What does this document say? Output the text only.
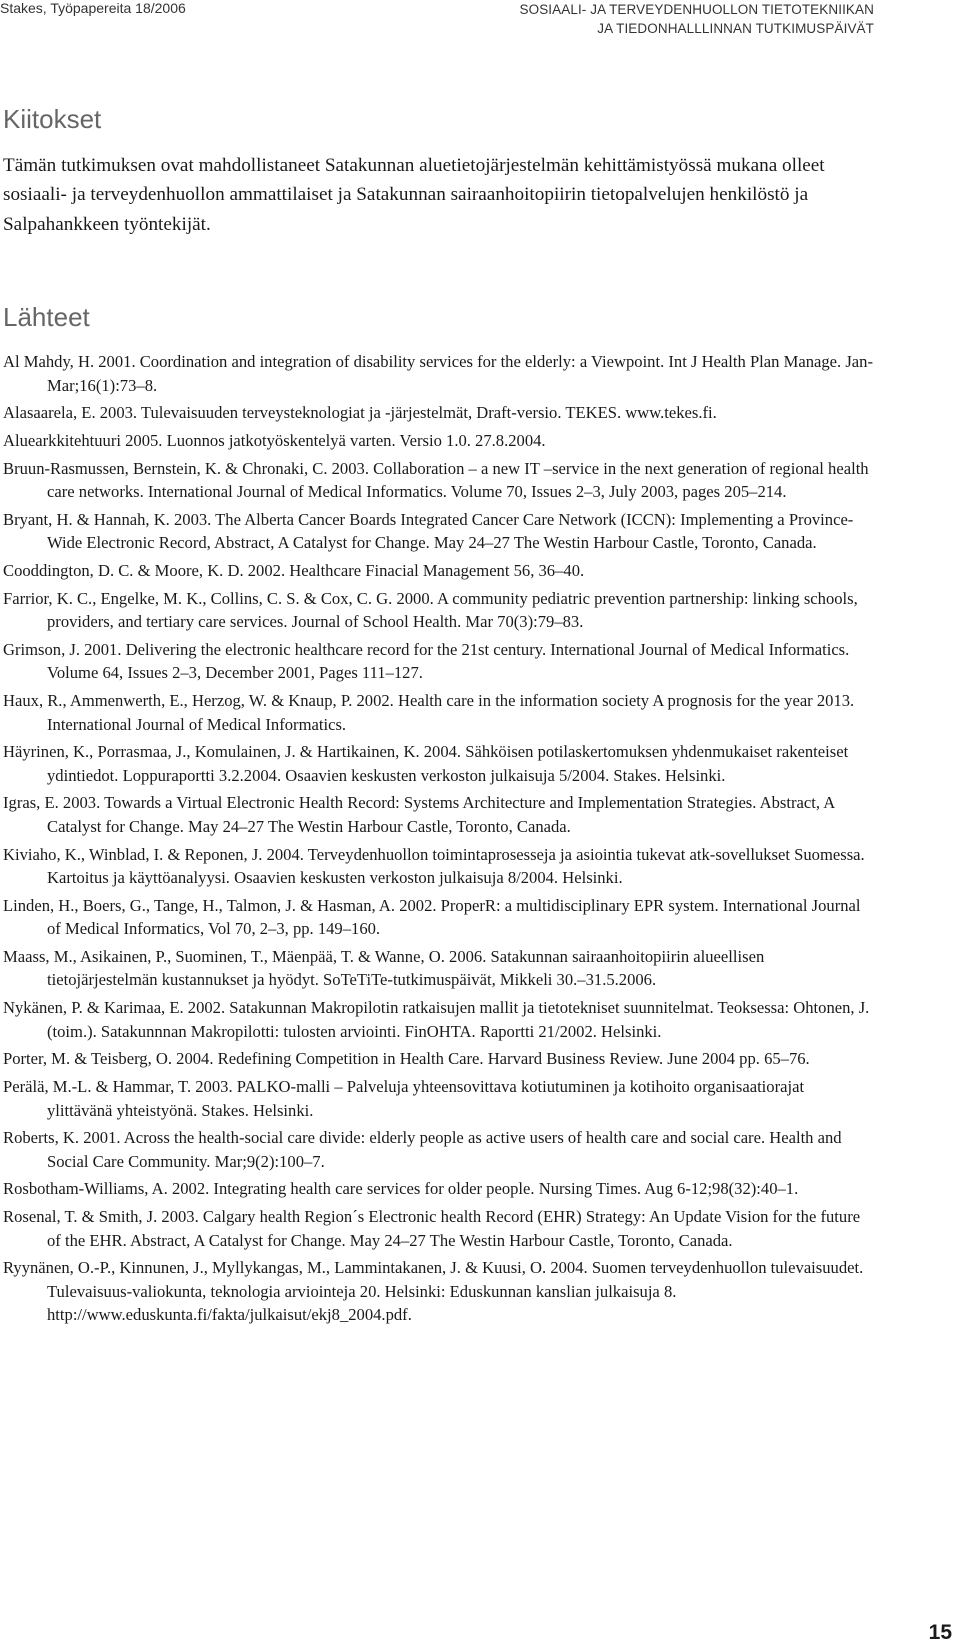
Stakes, Työpapereita 18/2006	SOSIAALI- JA TERVEYDENHUOLLON TIETOTEKNIIKAN
JA TIEDONHALLLINNAN TUTKIMUSPÄIVÄT
Kiitokset

Tämän tutkimuksen ovat mahdollistaneet Satakunnan aluetietojärjestelmän kehittämistyössä mukana olleet sosiaali- ja terveydenhuollon ammattilaiset ja Satakunnan sairaanhoitopiirin tietopalvelujen henkilöstö ja Salpahankkeen työntekijät.

Lähteet
Al Mahdy, H. 2001. Coordination and integration of disability services for the elderly: a Viewpoint. Int J Health Plan Manage. Jan-Mar;16(1):73–8.
Alasaarela, E. 2003. Tulevaisuuden terveysteknologiat ja -järjestelmät, Draft-versio. TEKES. www.tekes.fi.
Aluearkkitehtuuri 2005. Luonnos jatkotyöskentelyä varten. Versio 1.0. 27.8.2004.
Bruun-Rasmussen, Bernstein, K. & Chronaki, C. 2003. Collaboration – a new IT –service in the next generation of regional health care networks. International Journal of Medical Informatics. Volume 70, Issues 2–3, July 2003, pages 205–214.
Bryant, H. & Hannah, K. 2003. The Alberta Cancer Boards Integrated Cancer Care Network (ICCN): Implementing a Province-Wide Electronic Record, Abstract, A Catalyst for Change. May 24–27 The Westin Harbour Castle, Toronto, Canada.
Cooddington, D. C. & Moore, K. D. 2002. Healthcare Finacial Management 56, 36–40.
Farrior, K. C., Engelke, M. K., Collins, C. S. & Cox, C. G. 2000. A community pediatric prevention partnership: linking schools, providers, and tertiary care services. Journal of School Health. Mar 70(3):79–83.
Grimson, J. 2001. Delivering the electronic healthcare record for the 21st century. International Journal of Medical Informatics. Volume 64, Issues 2–3, December 2001, Pages 111–127.
Haux, R., Ammenwerth, E., Herzog, W. & Knaup, P. 2002. Health care in the information society A prognosis for the year 2013. International Journal of Medical Informatics.
Häyrinen, K., Porrasmaa, J., Komulainen, J. & Hartikainen, K. 2004. Sähköisen potilaskertomuksen yhdenmukaiset rakenteiset ydintiedot. Loppuraportti 3.2.2004. Osaavien keskusten verkoston julkaisuja 5/2004. Stakes. Helsinki.
Igras, E. 2003. Towards a Virtual Electronic Health Record: Systems Architecture and Implementation Strategies. Abstract, A Catalyst for Change. May 24–27 The Westin Harbour Castle, Toronto, Canada.
Kiviaho, K., Winblad, I. & Reponen, J. 2004. Terveydenhuollon toimintaprosesseja ja asiointia tukevat atk-sovellukset Suomessa. Kartoitus ja käyttöanalyysi. Osaavien keskusten verkoston julkaisuja 8/2004. Helsinki.
Linden, H., Boers, G., Tange, H., Talmon, J. & Hasman, A. 2002. ProperR: a multidisciplinary EPR system. International Journal of Medical Informatics, Vol 70, 2–3, pp. 149–160.
Maass, M., Asikainen, P., Suominen, T., Mäenpää, T. & Wanne, O. 2006. Satakunnan sairaanhoitopiirin alueellisen tietojärjestelmän kustannukset ja hyödyt. SoTeTiTe-tutkimuspäivät, Mikkeli 30.–31.5.2006.
Nykänen, P. & Karimaa, E. 2002. Satakunnan Makropilotin ratkaisujen mallit ja tietotekniset suunnitelmat. Teoksessa: Ohtonen, J. (toim.). Satakunnnan Makropilotti: tulosten arviointi. FinOHTA. Raportti 21/2002. Helsinki.
Porter, M. & Teisberg, O. 2004. Redefining Competition in Health Care. Harvard Business Review. June 2004 pp. 65–76.
Perälä, M.-L. & Hammar, T. 2003. PALKO-malli – Palveluja yhteensovittava kotiutuminen ja kotihoito organisaatiorajat ylittävänä yhteistyönä. Stakes. Helsinki.
Roberts, K. 2001. Across the health-social care divide: elderly people as active users of health care and social care. Health and Social Care Community. Mar;9(2):100–7.
Rosbotham-Williams, A. 2002. Integrating health care services for older people. Nursing Times. Aug 6-12;98(32):40–1.
Rosenal, T. & Smith, J. 2003. Calgary health Region´s Electronic health Record (EHR) Strategy: An Update Vision for the future of the EHR. Abstract, A Catalyst for Change. May 24–27 The Westin Harbour Castle, Toronto, Canada.
Ryynänen, O.-P., Kinnunen, J., Myllykangas, M., Lammintakanen, J. & Kuusi, O. 2004. Suomen terveydenhuollon tulevaisuudet. Tulevaisuus-valiokunta, teknologia arviointeja 20. Helsinki: Eduskunnan kanslian julkaisuja 8. http://www.eduskunta.fi/fakta/julkaisut/ekj8_2004.pdf.
15
